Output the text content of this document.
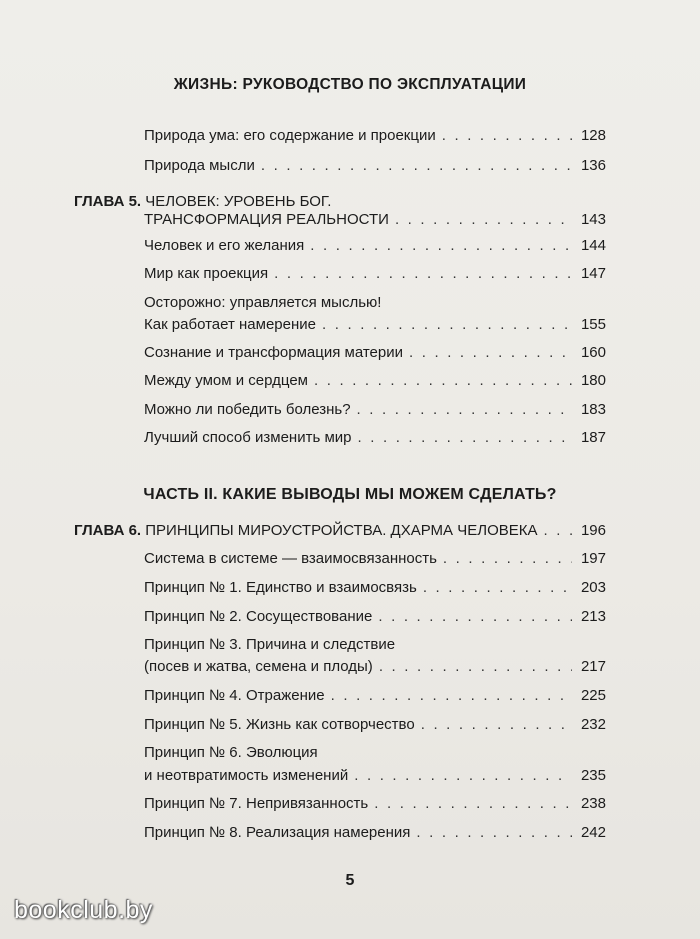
ЖИЗНЬ: РУКОВОДСТВО ПО ЭКСПЛУАТАЦИИ
Природа ума: его содержание и проекции . . .	128
Природа мысли . . .	136
ГЛАВА 5. ЧЕЛОВЕК: УРОВЕНЬ БОГ.
ТРАНСФОРМАЦИЯ РЕАЛЬНОСТИ . . .	143
Человек и его желания . . .	144
Мир как проекция . . .	147
Осторожно: управляется мыслью!
Как работает намерение . . .	155
Сознание и трансформация материи . . .	160
Между умом и сердцем . . .	180
Можно ли победить болезнь? . . .	183
Лучший способ изменить мир . . .	187
ЧАСТЬ II. КАКИЕ ВЫВОДЫ МЫ МОЖЕМ СДЕЛАТЬ?
ГЛАВА 6. ПРИНЦИПЫ МИРОУСТРОЙСТВА. ДХАРМА ЧЕЛОВЕКА . . .	196
Система в системе — взаимосвязанность . . .	197
Принцип № 1. Единство и взаимосвязь . . .	203
Принцип № 2. Сосуществование . . .	213
Принцип № 3. Причина и следствие
(посев и жатва, семена и плоды) . . .	217
Принцип № 4. Отражение . . .	225
Принцип № 5. Жизнь как сотворчество . . .	232
Принцип № 6. Эволюция
и неотвратимость изменений . . .	235
Принцип № 7. Непривязанность . . .	238
Принцип № 8. Реализация намерения . . .	242
5
bookclub.by
